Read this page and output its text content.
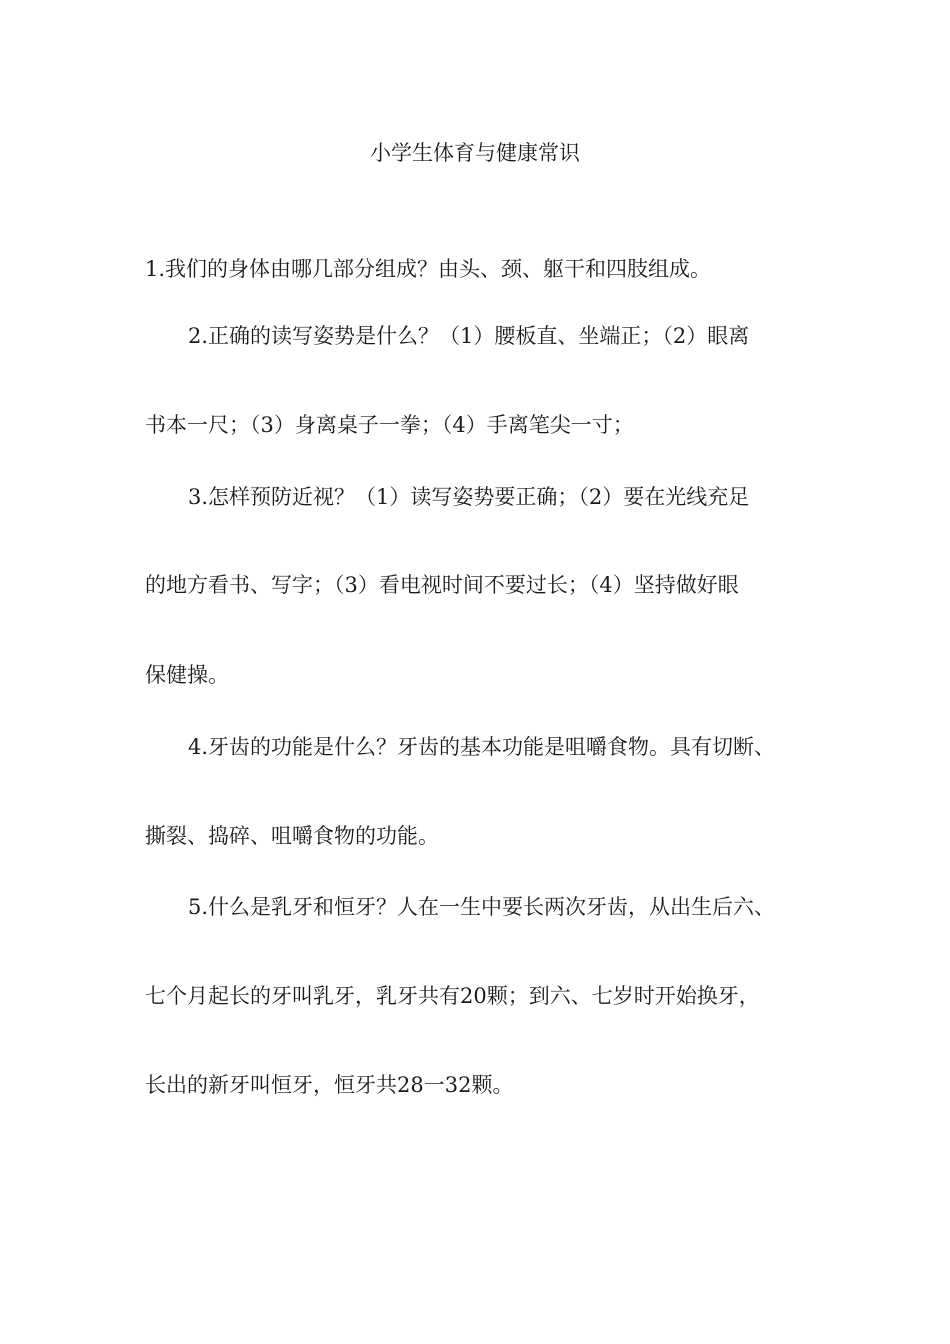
小学生体育与健康常识
1.我们的身体由哪几部分组成？由头、颈、躯干和四肢组成。
2.正确的读写姿势是什么？（1）腰板直、坐端正；（2）眼离
书本一尺；（3）身离桌子一拳；（4）手离笔尖一寸；
3.怎样预防近视？（1）读写姿势要正确；（2）要在光线充足
的地方看书、写字；（3）看电视时间不要过长；（4）坚持做好眼
保健操。
4.牙齿的功能是什么？牙齿的基本功能是咀嚼食物。具有切断、
撕裂、捣碎、咀嚼食物的功能。
5.什么是乳牙和恒牙？人在一生中要长两次牙齿，从出生后六、
七个月起长的牙叫乳牙，乳牙共有20颗；到六、七岁时开始换牙，
长出的新牙叫恒牙，恒牙共28一32颗。
